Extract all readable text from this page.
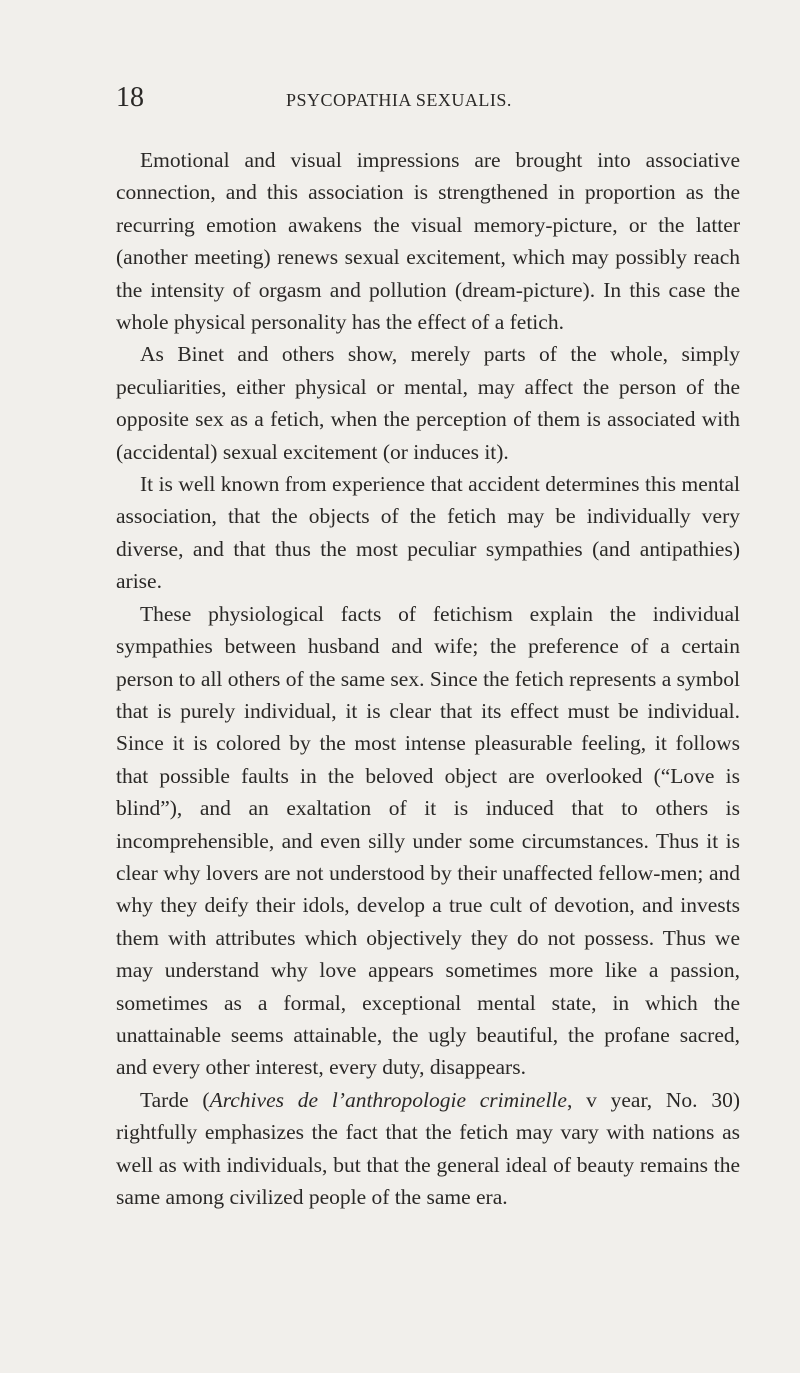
18	PSYCOPATHIA SEXUALIS.

Emotional and visual impressions are brought into associative connection, and this association is strengthened in proportion as the recurring emotion awakens the visual memory-picture, or the latter (another meeting) renews sexual excitement, which may possibly reach the intensity of orgasm and pollution (dream-picture). In this case the whole physical personality has the effect of a fetich.

As Binet and others show, merely parts of the whole, simply peculiarities, either physical or mental, may affect the person of the opposite sex as a fetich, when the perception of them is associated with (accidental) sexual excitement (or induces it).

It is well known from experience that accident determines this mental association, that the objects of the fetich may be individually very diverse, and that thus the most peculiar sympathies (and antipathies) arise.

These physiological facts of fetichism explain the individual sympathies between husband and wife; the preference of a certain person to all others of the same sex. Since the fetich represents a symbol that is purely individual, it is clear that its effect must be individual. Since it is colored by the most intense pleasurable feeling, it follows that possible faults in the beloved object are overlooked (“Love is blind”), and an exaltation of it is induced that to others is incomprehensible, and even silly under some circumstances. Thus it is clear why lovers are not understood by their unaffected fellow-men; and why they deify their idols, develop a true cult of devotion, and invests them with attributes which objectively they do not possess. Thus we may understand why love appears sometimes more like a passion, sometimes as a formal, exceptional mental state, in which the unattainable seems attainable, the ugly beautiful, the profane sacred, and every other interest, every duty, disappears.

Tarde (Archives de l’anthropologie criminelle, v year, No. 30) rightfully emphasizes the fact that the fetich may vary with nations as well as with individuals, but that the general ideal of beauty remains the same among civilized people of the same era.
